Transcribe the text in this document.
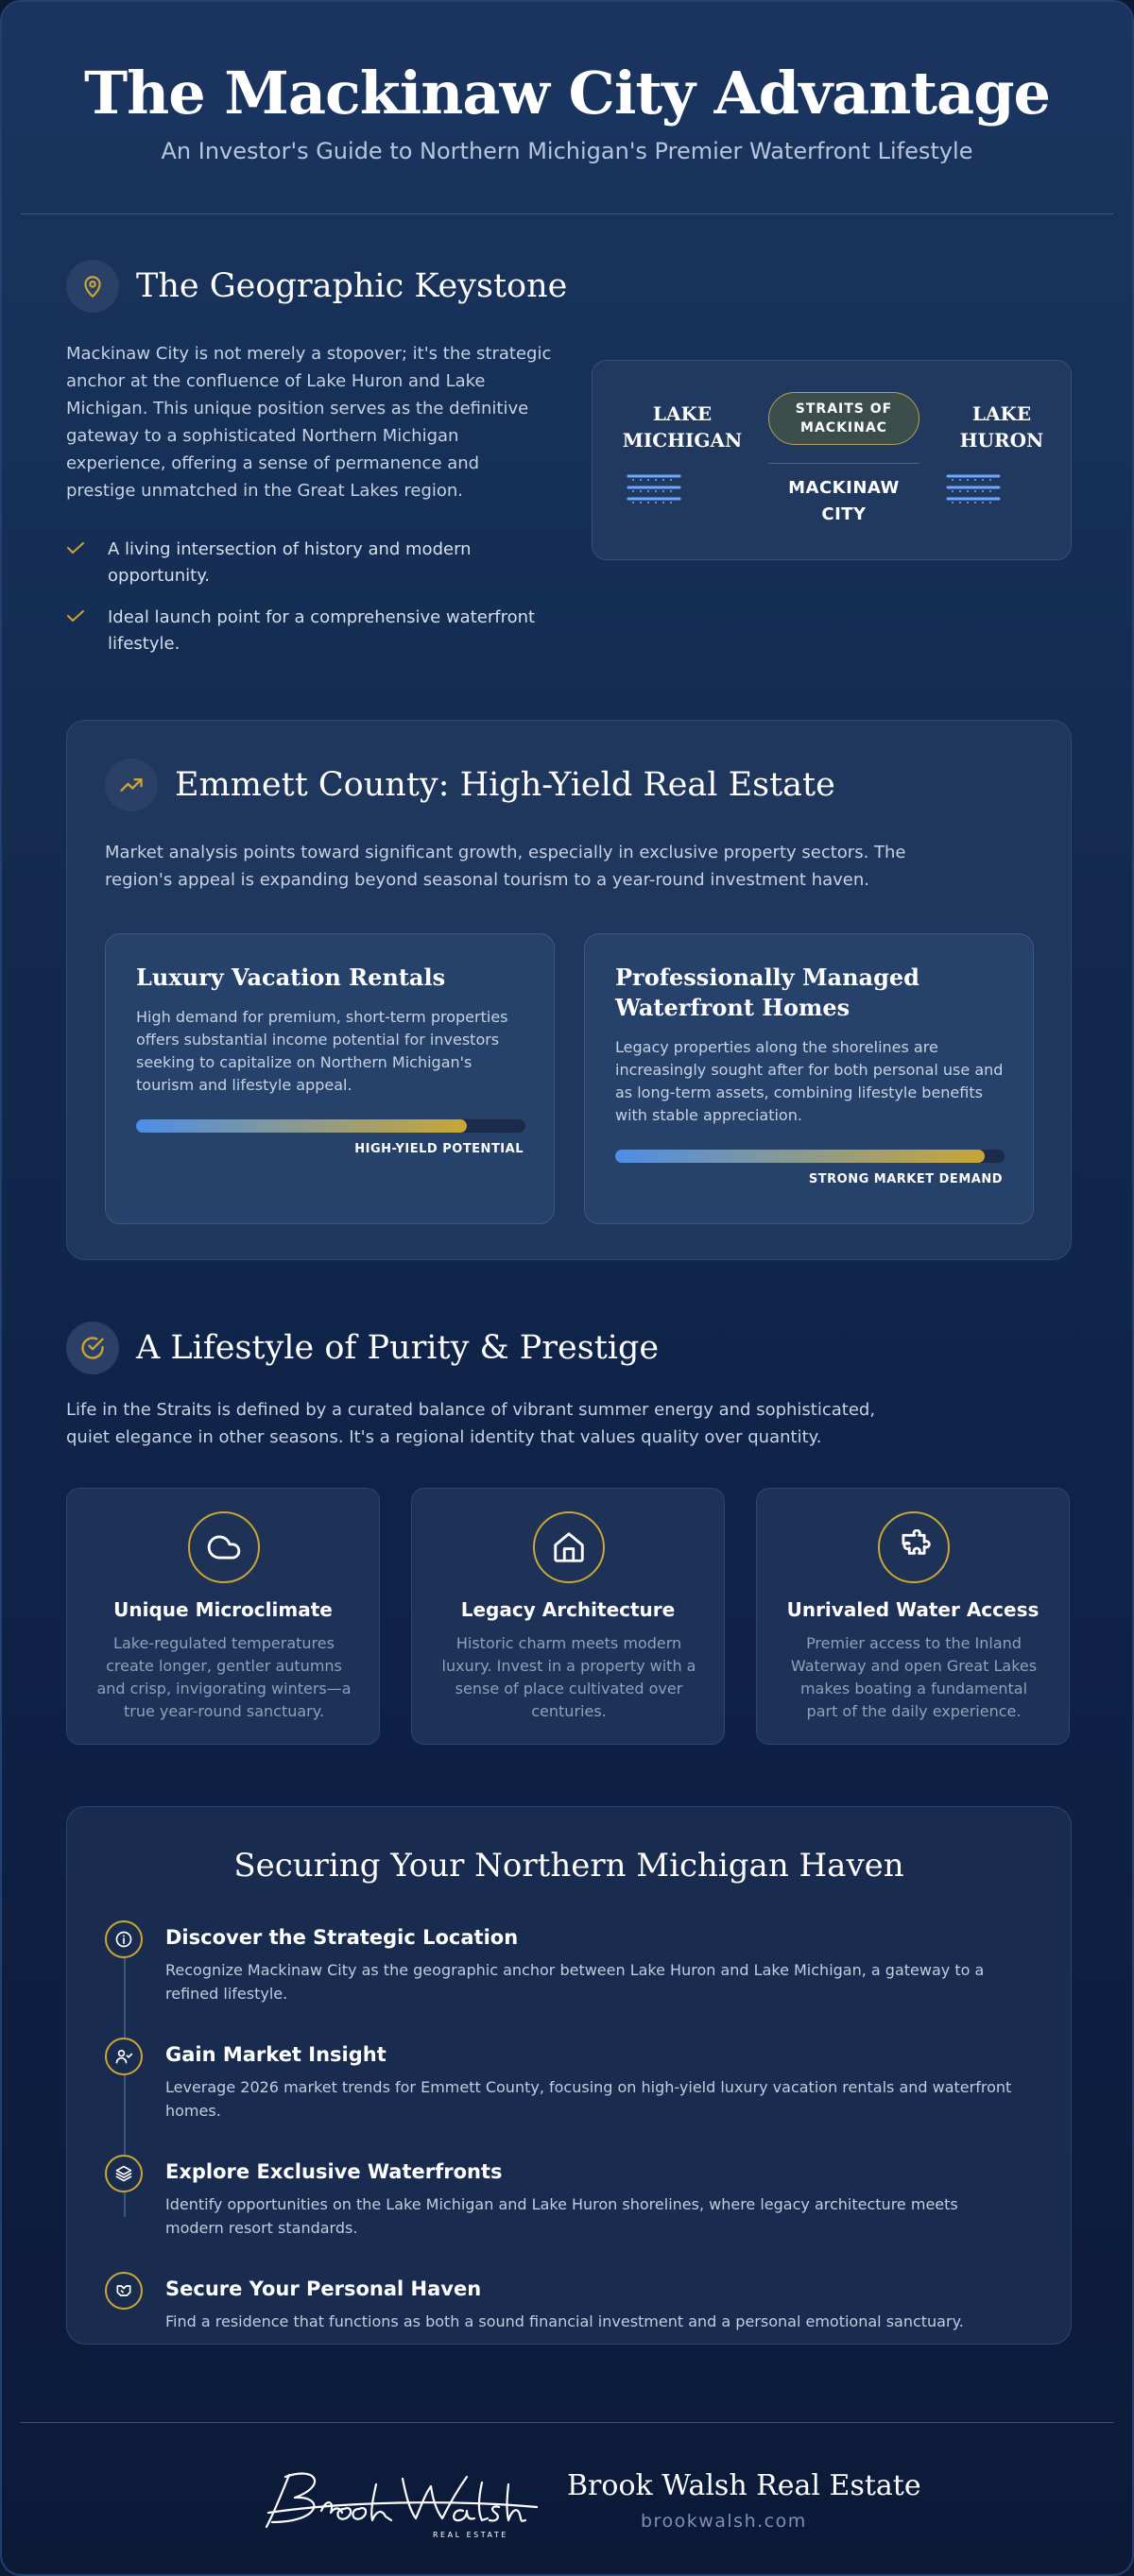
The Mackinaw City Advantage

An Investor's Guide to Northern Michigan's Premier Waterfront Lifestyle

The Geographic Keystone
Mackinaw City is not merely a stopover; it's the strategic anchor at the confluence of Lake Huron and Lake Michigan. This unique position serves as the definitive gateway to a sophisticated Northern Michigan experience, offering a sense of permanence and prestige unmatched in the Great Lakes region.
A living intersection of history and modern opportunity.
Ideal launch point for a comprehensive waterfront lifestyle.
LAKE
MICHIGAN
STRAITS OF
MACKINAC
MACKINAW
CITY
LAKE
HURON
Emmett County: High-Yield Real Estate
Market analysis points toward significant growth, especially in exclusive property sectors. The region's appeal is expanding beyond seasonal tourism to a year-round investment haven.
Luxury Vacation Rentals
High demand for premium, short-term properties offers substantial income potential for investors seeking to capitalize on Northern Michigan's tourism and lifestyle appeal.
HIGH-YIELD POTENTIAL
Professionally Managed Waterfront Homes
Legacy properties along the shorelines are increasingly sought after for both personal use and as long-term assets, combining lifestyle benefits with stable appreciation.
STRONG MARKET DEMAND
A Lifestyle of Purity & Prestige
Life in the Straits is defined by a curated balance of vibrant summer energy and sophisticated, quiet elegance in other seasons. It's a regional identity that values quality over quantity.
Unique Microclimate

Lake-regulated temperatures create longer, gentler autumns and crisp, invigorating winters—a true year-round sanctuary.

Legacy Architecture

Historic charm meets modern luxury. Invest in a property with a sense of place cultivated over centuries.

Unrivaled Water Access

Premier access to the Inland Waterway and open Great Lakes makes boating a fundamental part of the daily experience.

Securing Your Northern Michigan Haven
Discover the Strategic Location

Recognize Mackinaw City as the geographic anchor between Lake Huron and Lake Michigan, a gateway to a refined lifestyle.

Gain Market Insight

Leverage 2026 market trends for Emmett County, focusing on high-yield luxury vacation rentals and waterfront homes.

Explore Exclusive Waterfronts

Identify opportunities on the Lake Michigan and Lake Huron shorelines, where legacy architecture meets modern resort standards.

Secure Your Personal Haven

Find a residence that functions as both a sound financial investment and a personal emotional sanctuary.

REAL ESTATE
Brook Walsh Real Estate
brookwalsh.com
